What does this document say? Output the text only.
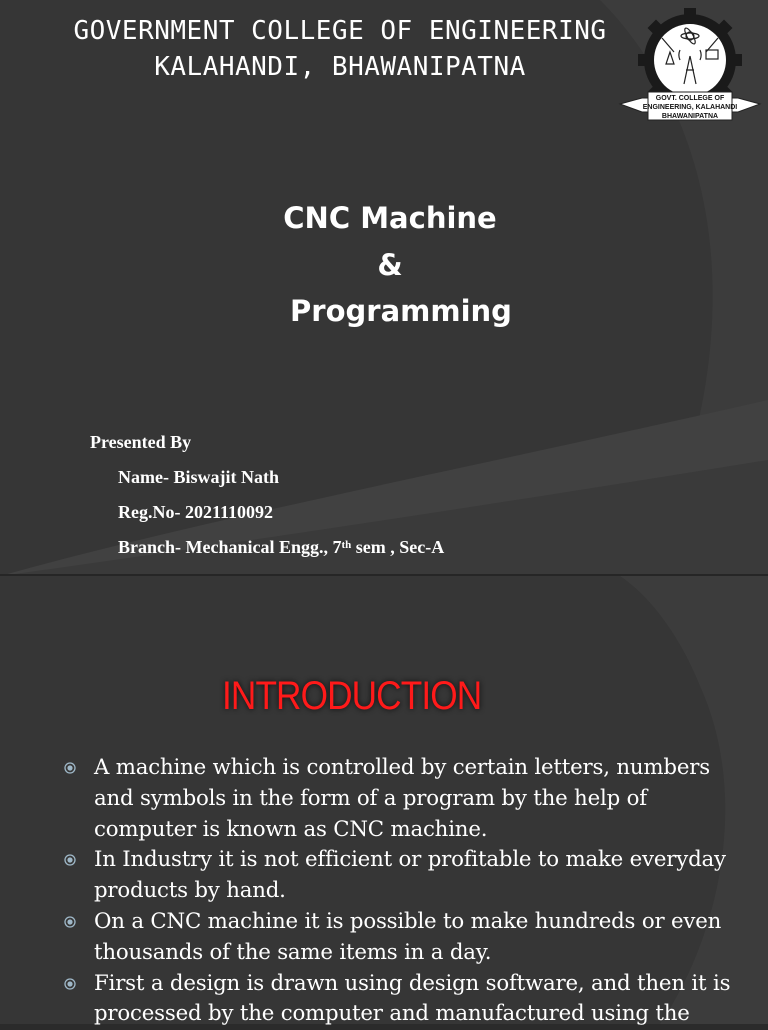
GOVERNMENT COLLEGE OF ENGINEERING
KALAHANDI, BHAWANIPATNA
GOVT. COLLEGE OF
ENGINEERING, KALAHANDI
BHAWANIPATNA
CNC Machine
&
Programming
Presented By
Name- Biswajit Nath
Reg.No- 2021110092
Branch- Mechanical Engg., 7th sem , Sec-A
INTRODUCTION
A machine which is controlled by certain letters, numbers and symbols in the form of a program by the help of computer is known as CNC machine.
In Industry it is not efficient or profitable to make everyday products by hand.
On a CNC machine it is possible to make hundreds or even thousands of the same items in a day.
First a design is drawn using design software, and then it is processed by the computer and manufactured using the
